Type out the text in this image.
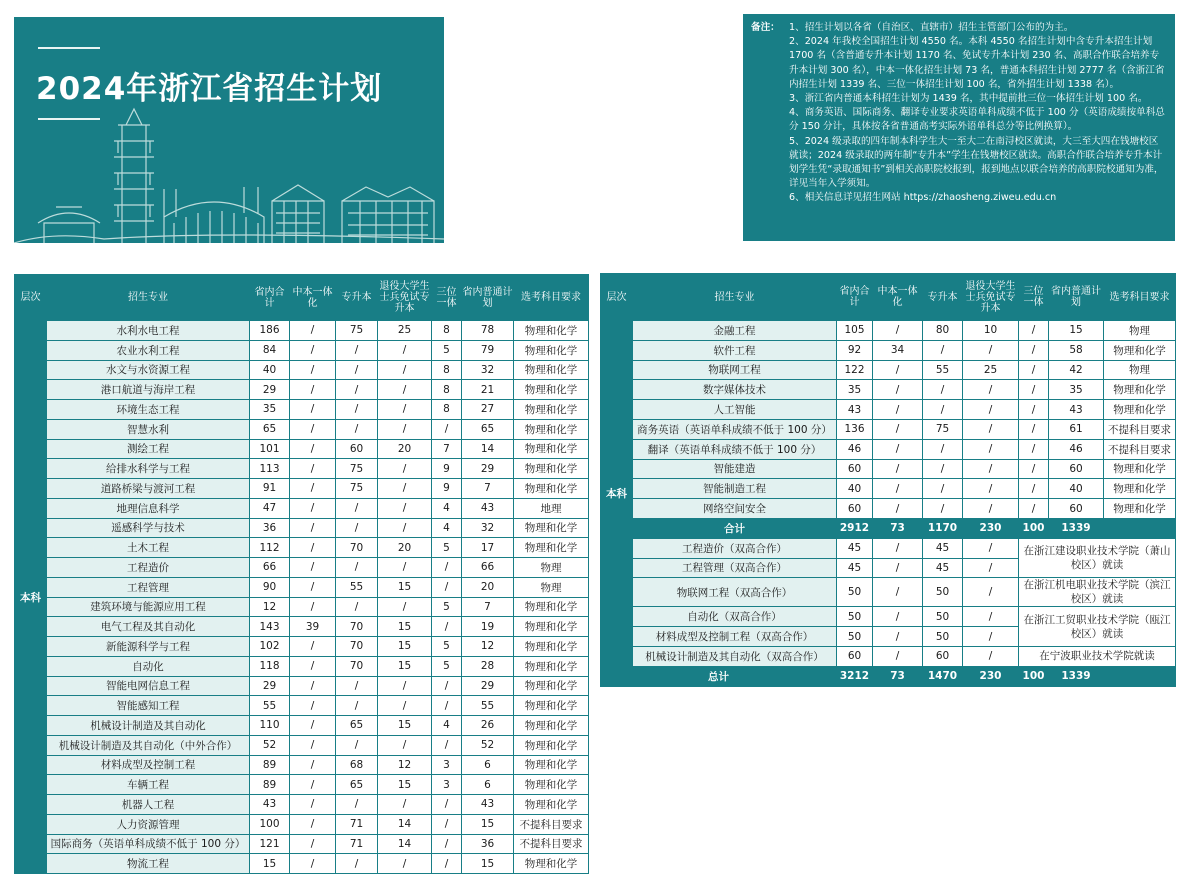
2024年浙江省招生计划
备注： 1、招生计划以各省（自治区、直辖市）招生主管部门公布的为主。

2、2024 年我校全国招生计划 4550 名。本科 4550 名招生计划中含专升本招生计划 1700 名（含普通专升本计划 1170 名、免试专升本计划 230 名、高职合作联合培养专升本计划 300 名），中本一体化招生计划 73 名，普通本科招生计划 2777 名（含浙江省内招生计划 1339 名、三位一体招生计划 100 名，省外招生计划 1338 名）。

3、浙江省内普通本科招生计划为 1439 名，其中提前批三位一体招生计划 100 名。

4、商务英语、国际商务、翻译专业要求英语单科成绩不低于 100 分（英语成绩按单科总分 150 分计，具体按各省普通高考实际外语单科总分等比例换算）。

5、2024 级录取的四年制本科学生大一至大二在南浔校区就读，大三至大四在钱塘校区就读；2024 级录取的两年制“专升本”学生在钱塘校区就读。高职合作联合培养专升本计划学生凭“录取通知书”到相关高职院校报到，报到地点以联合培养的高职院校通知为准，详见当年入学须知。

6、相关信息详见招生网站 https://zhaosheng.ziweu.edu.cn

层次	招生专业	省内合计	中本一体化	专升本	退役大学生士兵免试专升本	三位一体	省内普通计划	选考科目要求
本科	水利水电工程	186	/	75	25	8	78	物理和化学
	农业水利工程	84	/	/	/	5	79	物理和化学
	水文与水资源工程	40	/	/	/	8	32	物理和化学
	港口航道与海岸工程	29	/	/	/	8	21	物理和化学
	环境生态工程	35	/	/	/	8	27	物理和化学
	智慧水利	65	/	/	/	/	65	物理和化学
	测绘工程	101	/	60	20	7	14	物理和化学
	给排水科学与工程	113	/	75	/	9	29	物理和化学
	道路桥梁与渡河工程	91	/	75	/	9	7	物理和化学
	地理信息科学	47	/	/	/	4	43	地理
	遥感科学与技术	36	/	/	/	4	32	物理和化学
	土木工程	112	/	70	20	5	17	物理和化学
	工程造价	66	/	/	/	/	66	物理
	工程管理	90	/	55	15	/	20	物理
	建筑环境与能源应用工程	12	/	/	/	5	7	物理和化学
	电气工程及其自动化	143	39	70	15	/	19	物理和化学
	新能源科学与工程	102	/	70	15	5	12	物理和化学
	自动化	118	/	70	15	5	28	物理和化学
	智能电网信息工程	29	/	/	/	/	29	物理和化学
	智能感知工程	55	/	/	/	/	55	物理和化学
	机械设计制造及其自动化	110	/	65	15	4	26	物理和化学
	机械设计制造及其自动化（中外合作）	52	/	/	/	/	52	物理和化学
	材料成型及控制工程	89	/	68	12	3	6	物理和化学
	车辆工程	89	/	65	15	3	6	物理和化学
	机器人工程	43	/	/	/	/	43	物理和化学
	人力资源管理	100	/	71	14	/	15	不提科目要求
	国际商务（英语单科成绩不低于 100 分）	121	/	71	14	/	36	不提科目要求
	物流工程	15	/	/	/	/	15	物理和化学
层次	招生专业	省内合计	中本一体化	专升本	退役大学生士兵免试专升本	三位一体	省内普通计划	选考科目要求
本科	金融工程	105	/	80	10	/	15	物理
	软件工程	92	34	/	/	/	58	物理和化学
	物联网工程	122	/	55	25	/	42	物理
	数字媒体技术	35	/	/	/	/	35	物理和化学
	人工智能	43	/	/	/	/	43	物理和化学
	商务英语（英语单科成绩不低于 100 分）	136	/	75	/	/	61	不提科目要求
	翻译（英语单科成绩不低于 100 分）	46	/	/	/	/	46	不提科目要求
	智能建造	60	/	/	/	/	60	物理和化学
	智能制造工程	40	/	/	/	/	40	物理和化学
	网络空间安全	60	/	/	/	/	60	物理和化学
	合计	2912	73	1170	230	100	1339	
	工程造价（双高合作）	45	/	45	/	在浙江建设职业技术学院（萧山校区）就读		
	工程管理（双高合作）	45	/	45	/			
	物联网工程（双高合作）	50	/	50	/	在浙江机电职业技术学院（滨江校区）就读		
	自动化（双高合作）	50	/	50	/	在浙江工贸职业技术学院（瓯江校区）就读		
	材料成型及控制工程（双高合作）	50	/	50	/			
	机械设计制造及其自动化（双高合作）	60	/	60	/	在宁波职业技术学院就读		
总计		3212	73	1470	230	100	1339	
